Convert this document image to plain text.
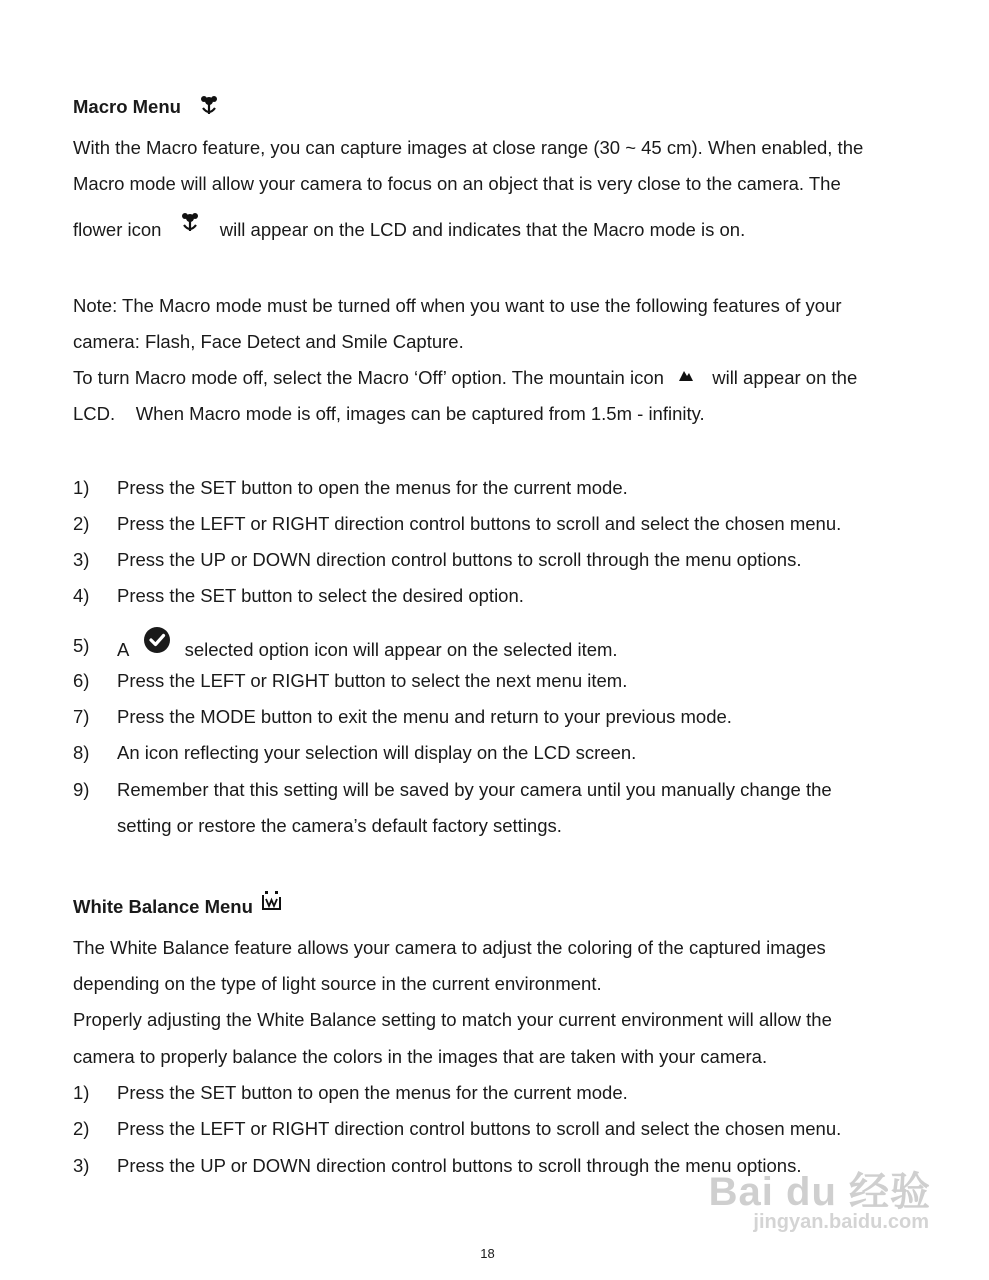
Macro Menu
With the Macro feature, you can capture images at close range (30 ~ 45 cm). When enabled, the
Macro mode will allow your camera to focus on an object that is very close to the camera. The
flower icon	will appear on the LCD and indicates that the Macro mode is on.
Note: The Macro mode must be turned off when you want to use the following features of your
camera: Flash, Face Detect and Smile Capture.
To turn Macro mode off, select the Macro ‘Off’ option. The mountain icon	will appear on the
LCD.    When Macro mode is off, images can be captured from 1.5m - infinity.
1) Press the SET button to open the menus for the current mode.
2) Press the LEFT or RIGHT direction control buttons to scroll and select the chosen menu.
3) Press the UP or DOWN direction control buttons to scroll through the menu options.
4) Press the SET button to select the desired option.
5) A	selected option icon will appear on the selected item.
6) Press the LEFT or RIGHT button to select the next menu item.
7) Press the MODE button to exit the menu and return to your previous mode.
8) An icon reflecting your selection will display on the LCD screen.
9) Remember that this setting will be saved by your camera until you manually change the
setting or restore the camera’s default factory settings.
White Balance Menu
The White Balance feature allows your camera to adjust the coloring of the captured images
depending on the type of light source in the current environment.
Properly adjusting the White Balance setting to match your current environment will allow the
camera to properly balance the colors in the images that are taken with your camera.
1) Press the SET button to open the menus for the current mode.
2) Press the LEFT or RIGHT direction control buttons to scroll and select the chosen menu.
3) Press the UP or DOWN direction control buttons to scroll through the menu options.
Bai du 经验
jingyan.baidu.com
18
